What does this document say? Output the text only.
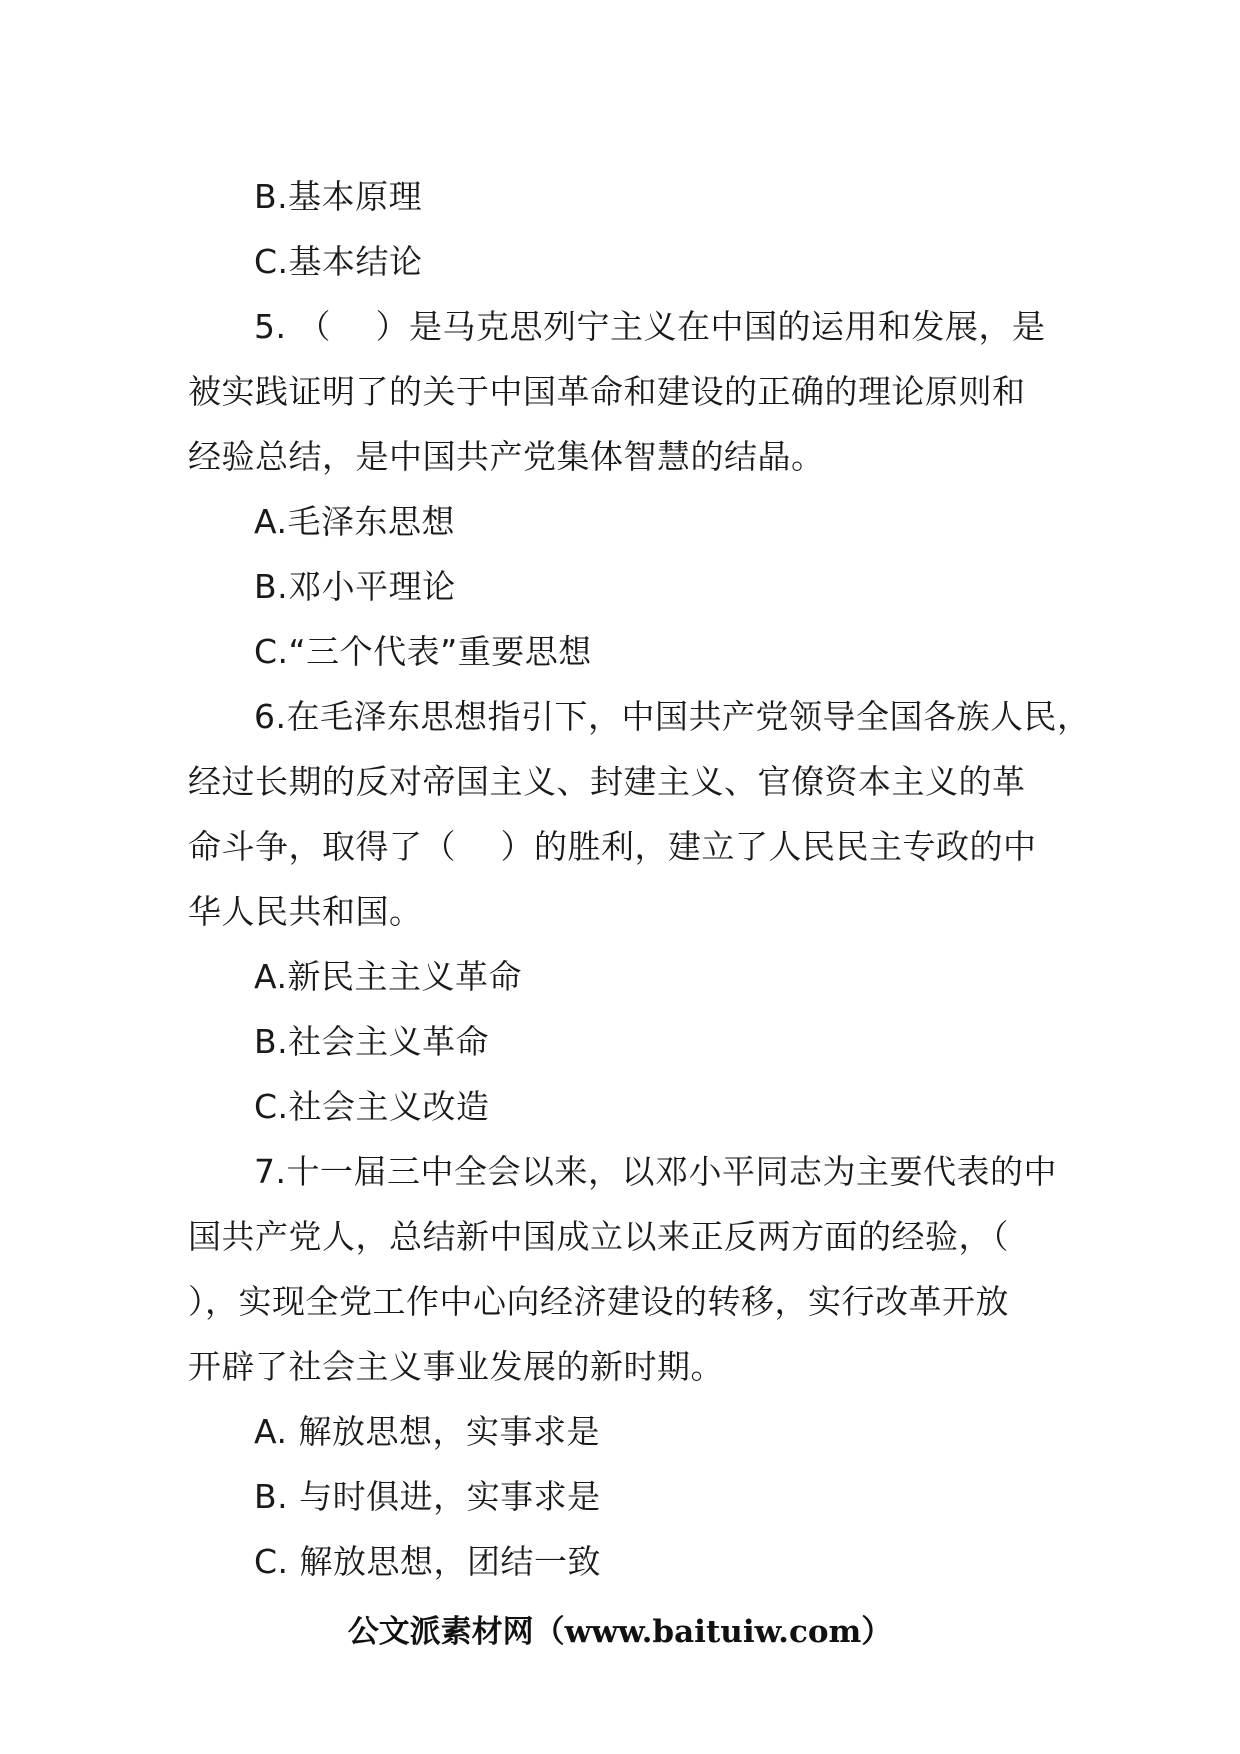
B.基本原理
C.基本结论
5. （　 ）是马克思列宁主义在中国的运用和发展，是
被实践证明了的关于中国革命和建设的正确的理论原则和
经验总结，是中国共产党集体智慧的结晶。
A.毛泽东思想
B.邓小平理论
C.“三个代表”重要思想
6.在毛泽东思想指引下，中国共产党领导全国各族人民，
经过长期的反对帝国主义、封建主义、官僚资本主义的革
命斗争，取得了（　 ）的胜利，建立了人民民主专政的中
华人民共和国。
A.新民主主义革命
B.社会主义革命
C.社会主义改造
7.十一届三中全会以来，以邓小平同志为主要代表的中
国共产党人，总结新中国成立以来正反两方面的经验，（
），实现全党工作中心向经济建设的转移，实行改革开放
开辟了社会主义事业发展的新时期。
A. 解放思想，实事求是
B. 与时俱进，实事求是
C. 解放思想，团结一致
公文派素材网（www.baituiw.com）
